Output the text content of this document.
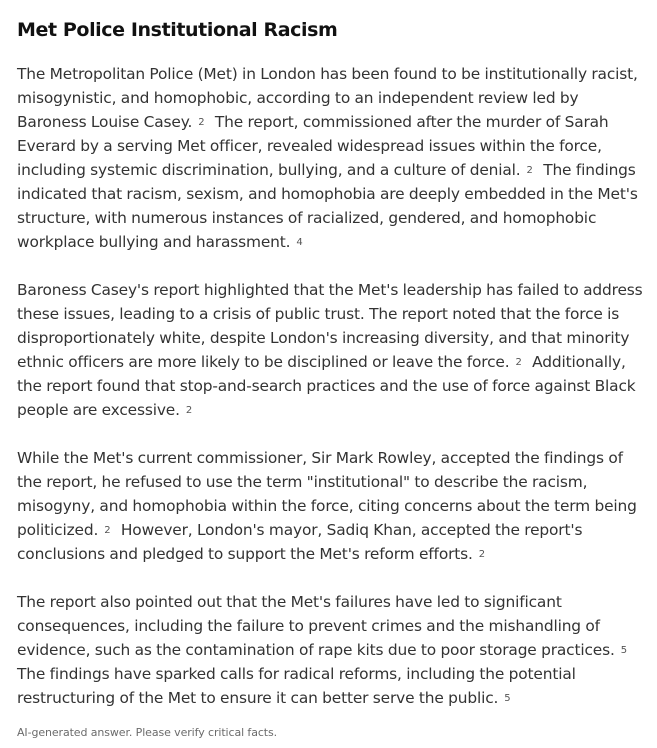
Met Police Institutional Racism

The Metropolitan Police (Met) in London has been found to be institutionally racist, misogynistic, and homophobic, according to an independent review led by Baroness Louise Casey. 2 The report, commissioned after the murder of Sarah Everard by a serving Met officer, revealed widespread issues within the force, including systemic discrimination, bullying, and a culture of denial. 2 The findings indicated that racism, sexism, and homophobia are deeply embedded in the Met's structure, with numerous instances of racialized, gendered, and homophobic workplace bullying and harassment. 4

Baroness Casey's report highlighted that the Met's leadership has failed to address these issues, leading to a crisis of public trust. The report noted that the force is disproportionately white, despite London's increasing diversity, and that minority ethnic officers are more likely to be disciplined or leave the force. 2 Additionally, the report found that stop-and-search practices and the use of force against Black people are excessive. 2

While the Met's current commissioner, Sir Mark Rowley, accepted the findings of the report, he refused to use the term "institutional" to describe the racism, misogyny, and homophobia within the force, citing concerns about the term being politicized. 2 However, London's mayor, Sadiq Khan, accepted the report's conclusions and pledged to support the Met's reform efforts. 2

The report also pointed out that the Met's failures have led to significant consequences, including the failure to prevent crimes and the mishandling of evidence, such as the contamination of rape kits due to poor storage practices. 5 The findings have sparked calls for radical reforms, including the potential restructuring of the Met to ensure it can better serve the public. 5

AI-generated answer. Please verify critical facts.
